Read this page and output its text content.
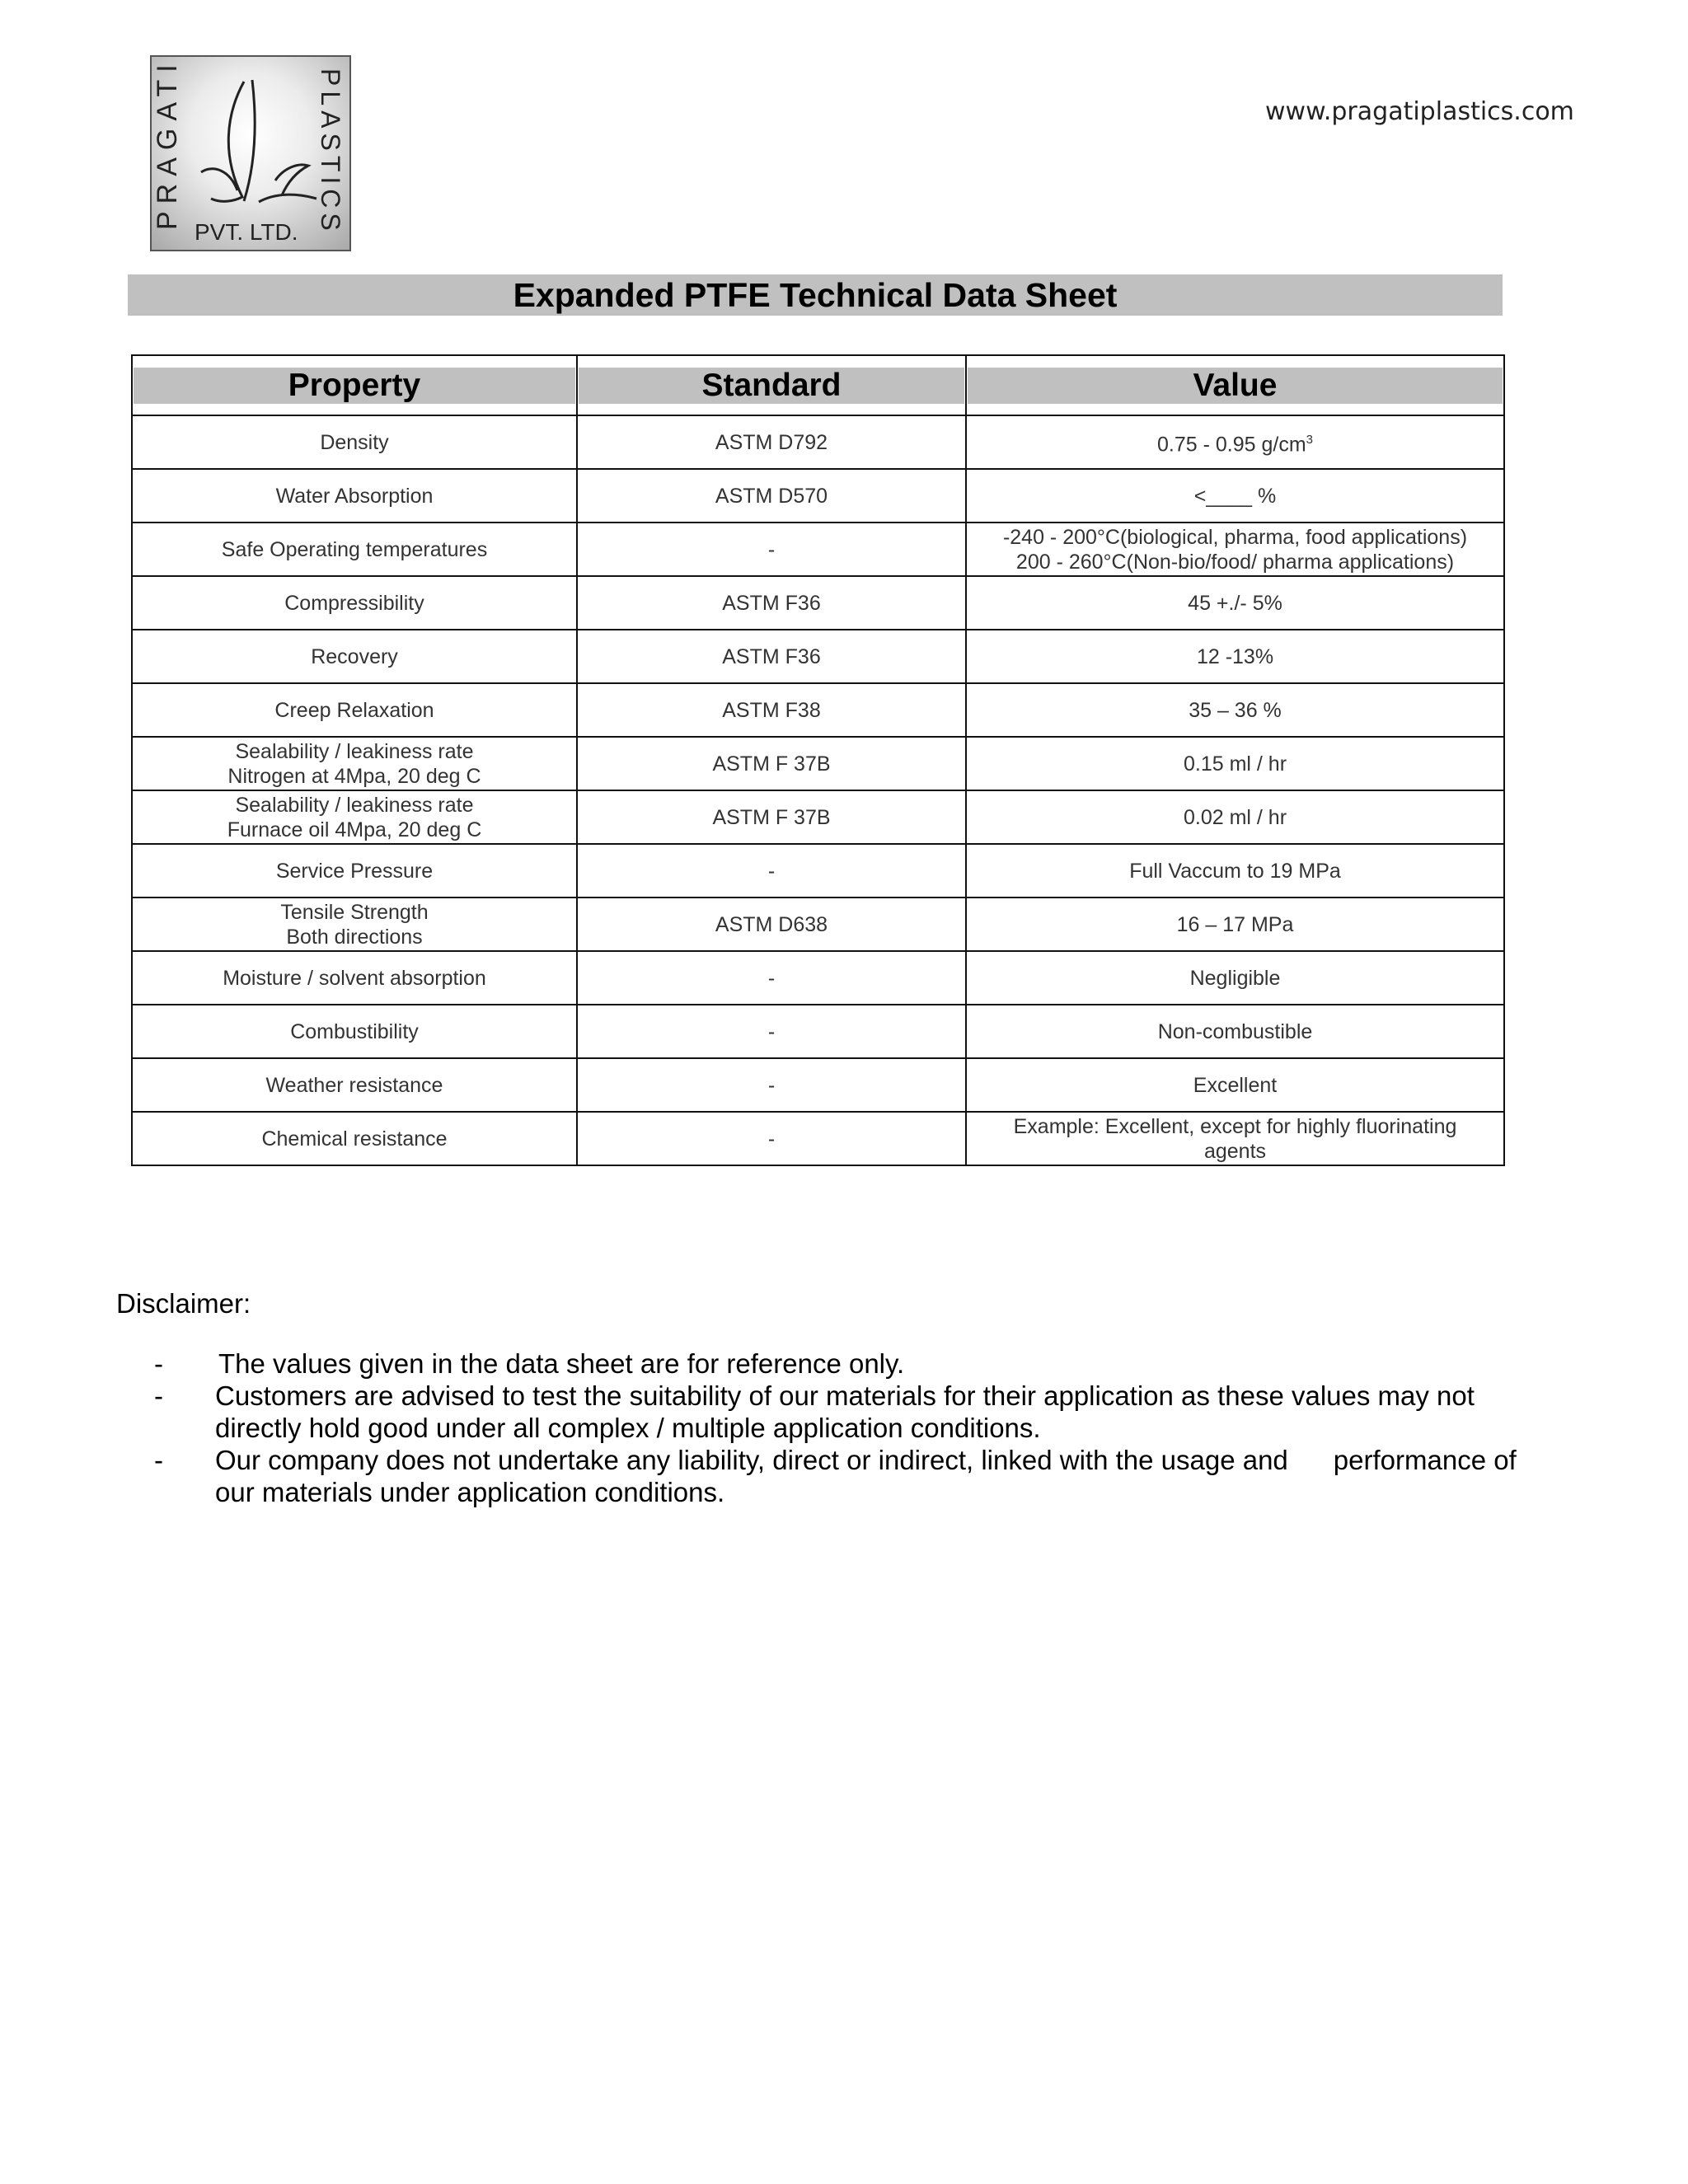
PRAGATI	PLASTICS
PVT. LTD.
www.pragatiplastics.com
Expanded PTFE Technical Data Sheet
Property	Standard	Value

Density	ASTM D792	0.75 - 0.95 $g/cm^3$
Water Absorption	ASTM D570	<____ %
Safe Operating temperatures	-	-240 - 200°C(biological, pharma, food applications)
200 - 260°C(Non-bio/food/ pharma applications)
Compressibility	ASTM F36	45 +./- 5%
Recovery	ASTM F36	12 -13%
Creep Relaxation	ASTM F38	35 – 36 %
Sealability / leakiness rate
Nitrogen at 4Mpa, 20 deg C	ASTM F 37B	0.15 ml / hr
Sealability / leakiness rate
Furnace oil 4Mpa, 20 deg C	ASTM F 37B	0.02 ml / hr
Service Pressure	-	Full Vaccum to 19 MPa
Tensile Strength
Both directions	ASTM D638	16 – 17 MPa
Moisture / solvent absorption	-	Negligible
Combustibility	-	Non-combustible
Weather resistance	-	Excellent
Chemical resistance	-	Example: Excellent, except for highly fluorinating
agents
Disclaimer:
- The values given in the data sheet are for reference only.
- Customers are advised to test the suitability of our materials for their application as these values may not directly hold good under all complex / multiple application conditions.
- Our company does not undertake any liability, direct or indirect, linked with the usage and      performance of our materials under application conditions.
